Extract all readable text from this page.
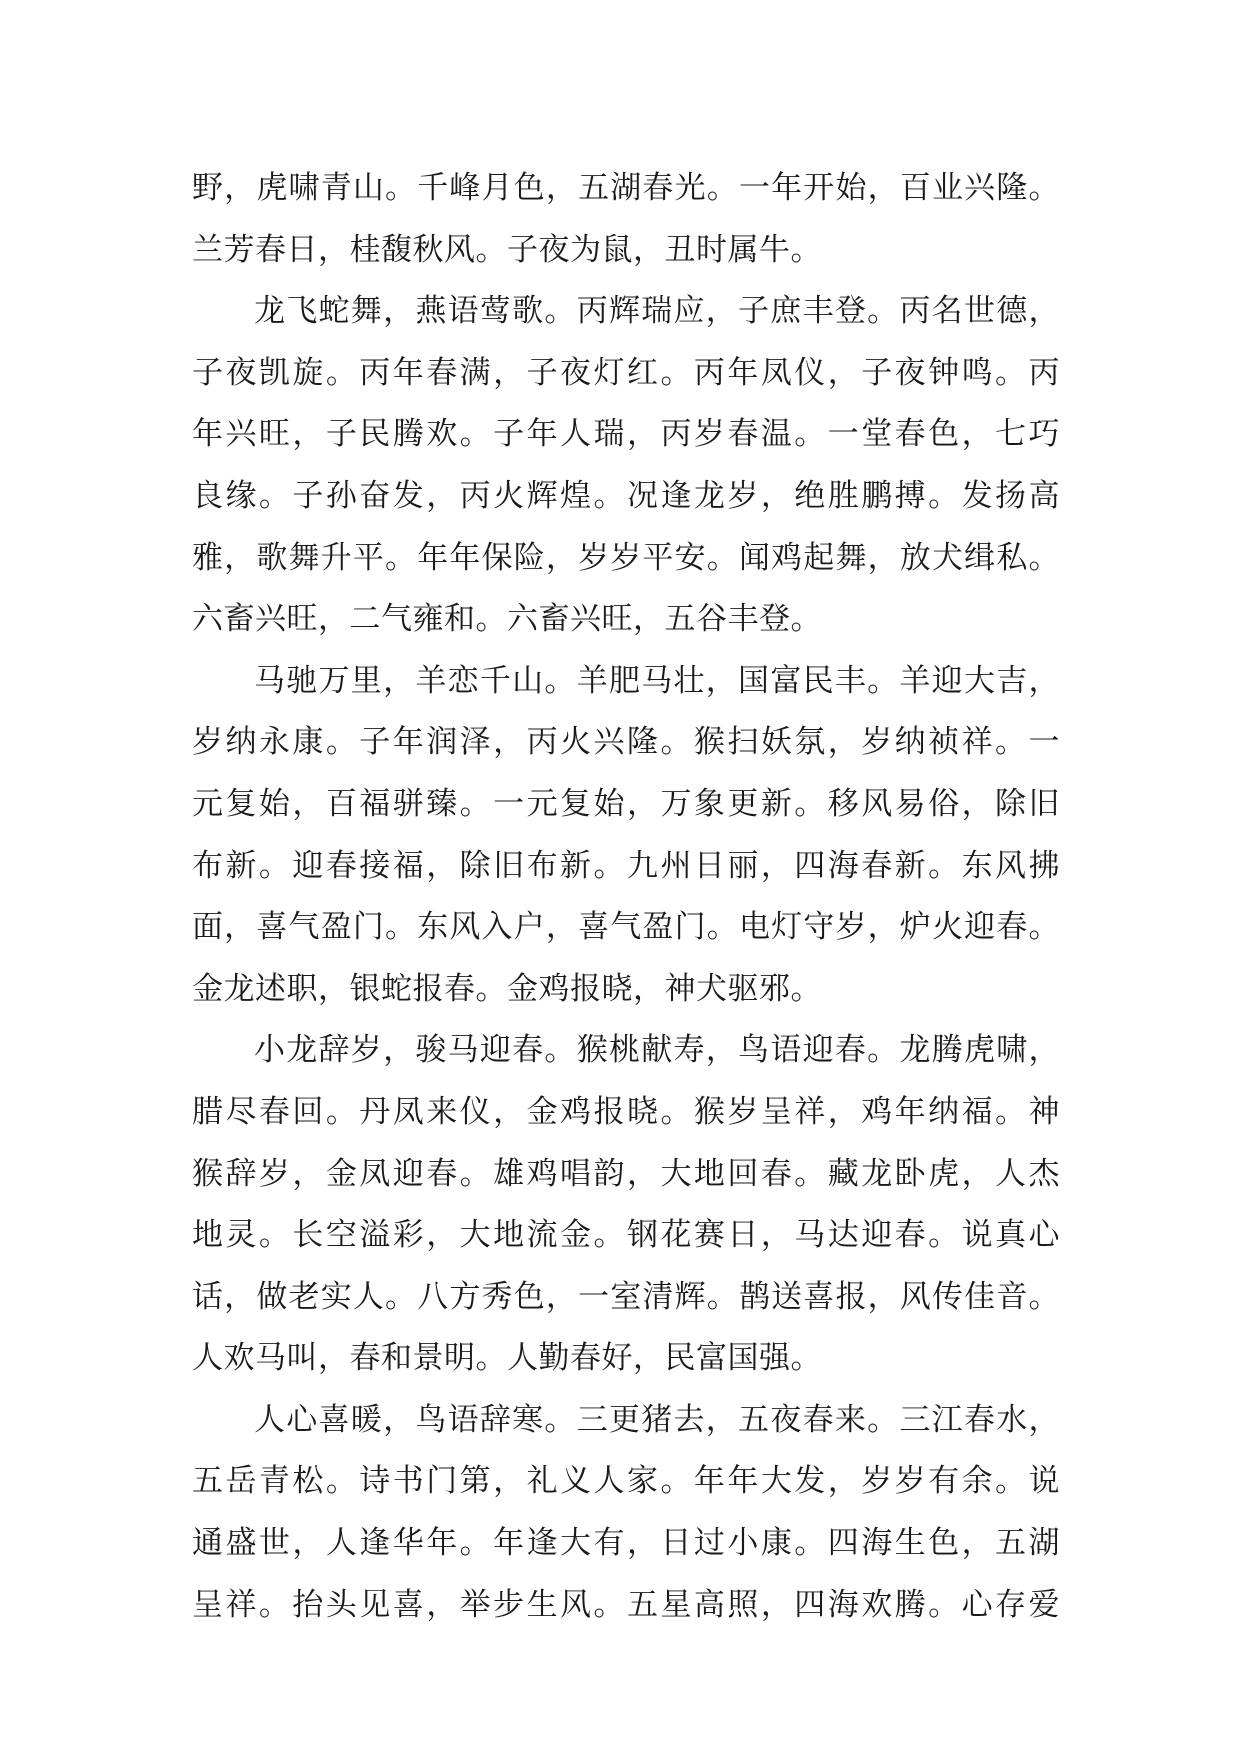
野，虎啸青山。千峰月色，五湖春光。一年开始，百业兴隆。
兰芳春日，桂馥秋风。子夜为鼠，丑时属牛。
龙飞蛇舞，燕语莺歌。丙辉瑞应，子庶丰登。丙名世德，
子夜凯旋。丙年春满，子夜灯红。丙年凤仪，子夜钟鸣。丙
年兴旺，子民腾欢。子年人瑞，丙岁春温。一堂春色，七巧
良缘。子孙奋发，丙火辉煌。况逢龙岁，绝胜鹏搏。发扬高
雅，歌舞升平。年年保险，岁岁平安。闻鸡起舞，放犬缉私。
六畜兴旺，二气雍和。六畜兴旺，五谷丰登。
马驰万里，羊恋千山。羊肥马壮，国富民丰。羊迎大吉，
岁纳永康。子年润泽，丙火兴隆。猴扫妖氛，岁纳祯祥。一
元复始，百福骈臻。一元复始，万象更新。移风易俗，除旧
布新。迎春接福，除旧布新。九州日丽，四海春新。东风拂
面，喜气盈门。东风入户，喜气盈门。电灯守岁，炉火迎春。
金龙述职，银蛇报春。金鸡报晓，神犬驱邪。
小龙辞岁，骏马迎春。猴桃献寿，鸟语迎春。龙腾虎啸，
腊尽春回。丹凤来仪，金鸡报晓。猴岁呈祥，鸡年纳福。神
猴辞岁，金凤迎春。雄鸡唱韵，大地回春。藏龙卧虎，人杰
地灵。长空溢彩，大地流金。钢花赛日，马达迎春。说真心
话，做老实人。八方秀色，一室清辉。鹊送喜报，风传佳音。
人欢马叫，春和景明。人勤春好，民富国强。
人心喜暖，鸟语辞寒。三更猪去，五夜春来。三江春水，
五岳青松。诗书门第，礼义人家。年年大发，岁岁有余。说
通盛世，人逢华年。年逢大有，日过小康。四海生色，五湖
呈祥。抬头见喜，举步生风。五星高照，四海欢腾。心存爱
